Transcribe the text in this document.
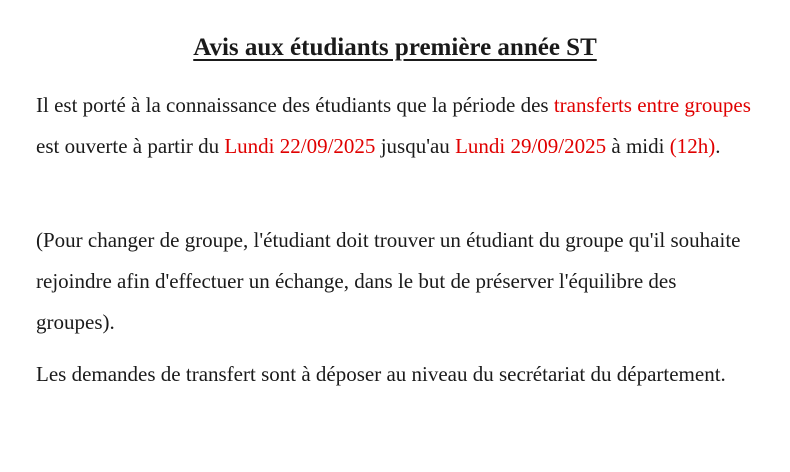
Avis aux étudiants première année ST

Il est porté à la connaissance des étudiants que la période des transferts entre groupes est ouverte à partir du Lundi 22/09/2025 jusqu'au Lundi 29/09/2025 à midi (12h).

(Pour changer de groupe, l'étudiant doit trouver un étudiant du groupe qu'il souhaite rejoindre afin d'effectuer un échange, dans le but de préserver l'équilibre des groupes).

Les demandes de transfert sont à déposer au niveau du secrétariat du département.
